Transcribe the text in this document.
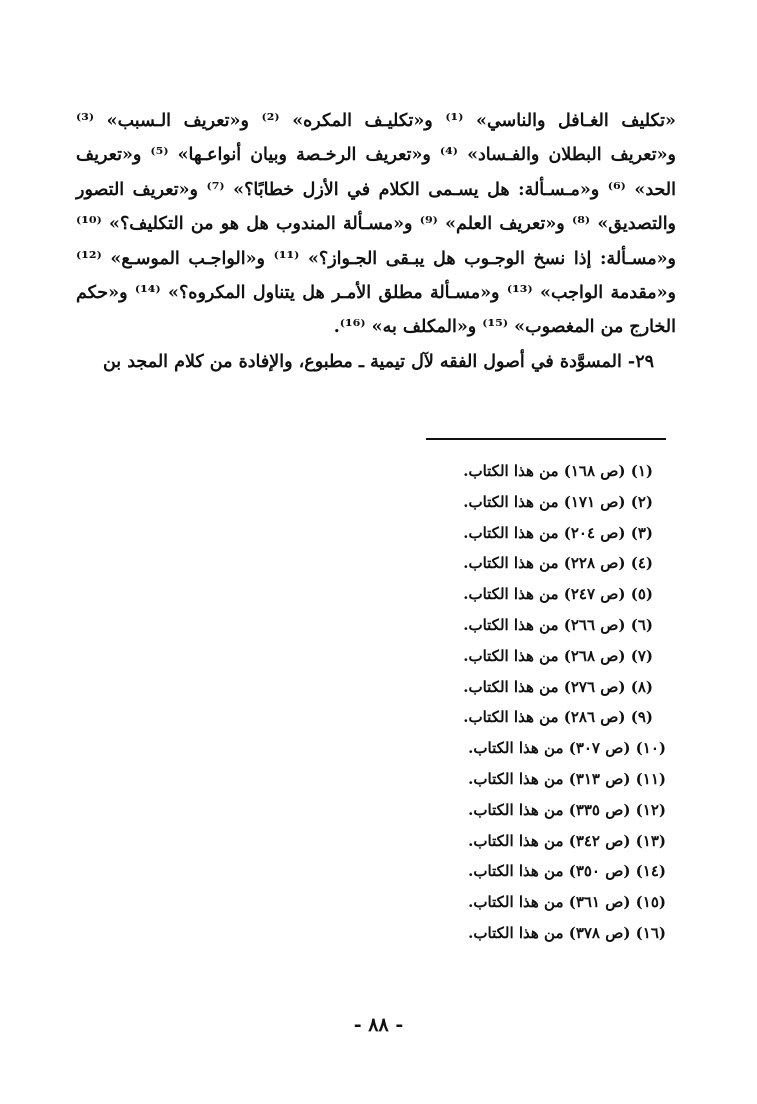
«تكليف الغـافل والناسي» ⁽¹⁾ و«تكليـف المكره» ⁽²⁾ و«تعريف الـسبب» ⁽³⁾ و«تعريف البطلان والفـساد» ⁽⁴⁾ و«تعريف الرخـصة وبيان أنواعـها» ⁽⁵⁾ و«تعريف الحد» ⁽⁶⁾ و«مـسـألة: هل يسـمى الكلام في الأزل خطابًا؟» ⁽⁷⁾ و«تعريف التصور والتصديق» ⁽⁸⁾ و«تعريف العلم» ⁽⁹⁾ و«مسـألة المندوب هل هو من التكليف؟» ⁽¹⁰⁾ و«مسـألة: إذا نسخ الوجـوب هل يبـقى الجـواز؟» ⁽¹¹⁾ و«الواجـب الموسـع» ⁽¹²⁾ و«مقدمة الواجب» ⁽¹³⁾ و«مسـألة مطلق الأمـر هل يتناول المكروه؟» ⁽¹⁴⁾ و«حكم الخارج من المغصوب» ⁽¹⁵⁾ و«المكلف به» ⁽¹⁶⁾.

٢٩- المسوَّدة في أصول الفقه لآل تيمية ـ مطبوع، والإفادة من كلام المجد بن

(١) (ص ١٦٨) من هذا الكتاب.
(٢) (ص ١٧١) من هذا الكتاب.
(٣) (ص ٢٠٤) من هذا الكتاب.
(٤) (ص ٢٢٨) من هذا الكتاب.
(٥) (ص ٢٤٧) من هذا الكتاب.
(٦) (ص ٢٦٦) من هذا الكتاب.
(٧) (ص ٢٦٨) من هذا الكتاب.
(٨) (ص ٢٧٦) من هذا الكتاب.
(٩) (ص ٢٨٦) من هذا الكتاب.
(١٠) (ص ٣٠٧) من هذا الكتاب.
(١١) (ص ٣١٣) من هذا الكتاب.
(١٢) (ص ٣٣٥) من هذا الكتاب.
(١٣) (ص ٣٤٢) من هذا الكتاب.
(١٤) (ص ٣٥٠) من هذا الكتاب.
(١٥) (ص ٣٦١) من هذا الكتاب.
(١٦) (ص ٣٧٨) من هذا الكتاب.
- ٨٨ -
